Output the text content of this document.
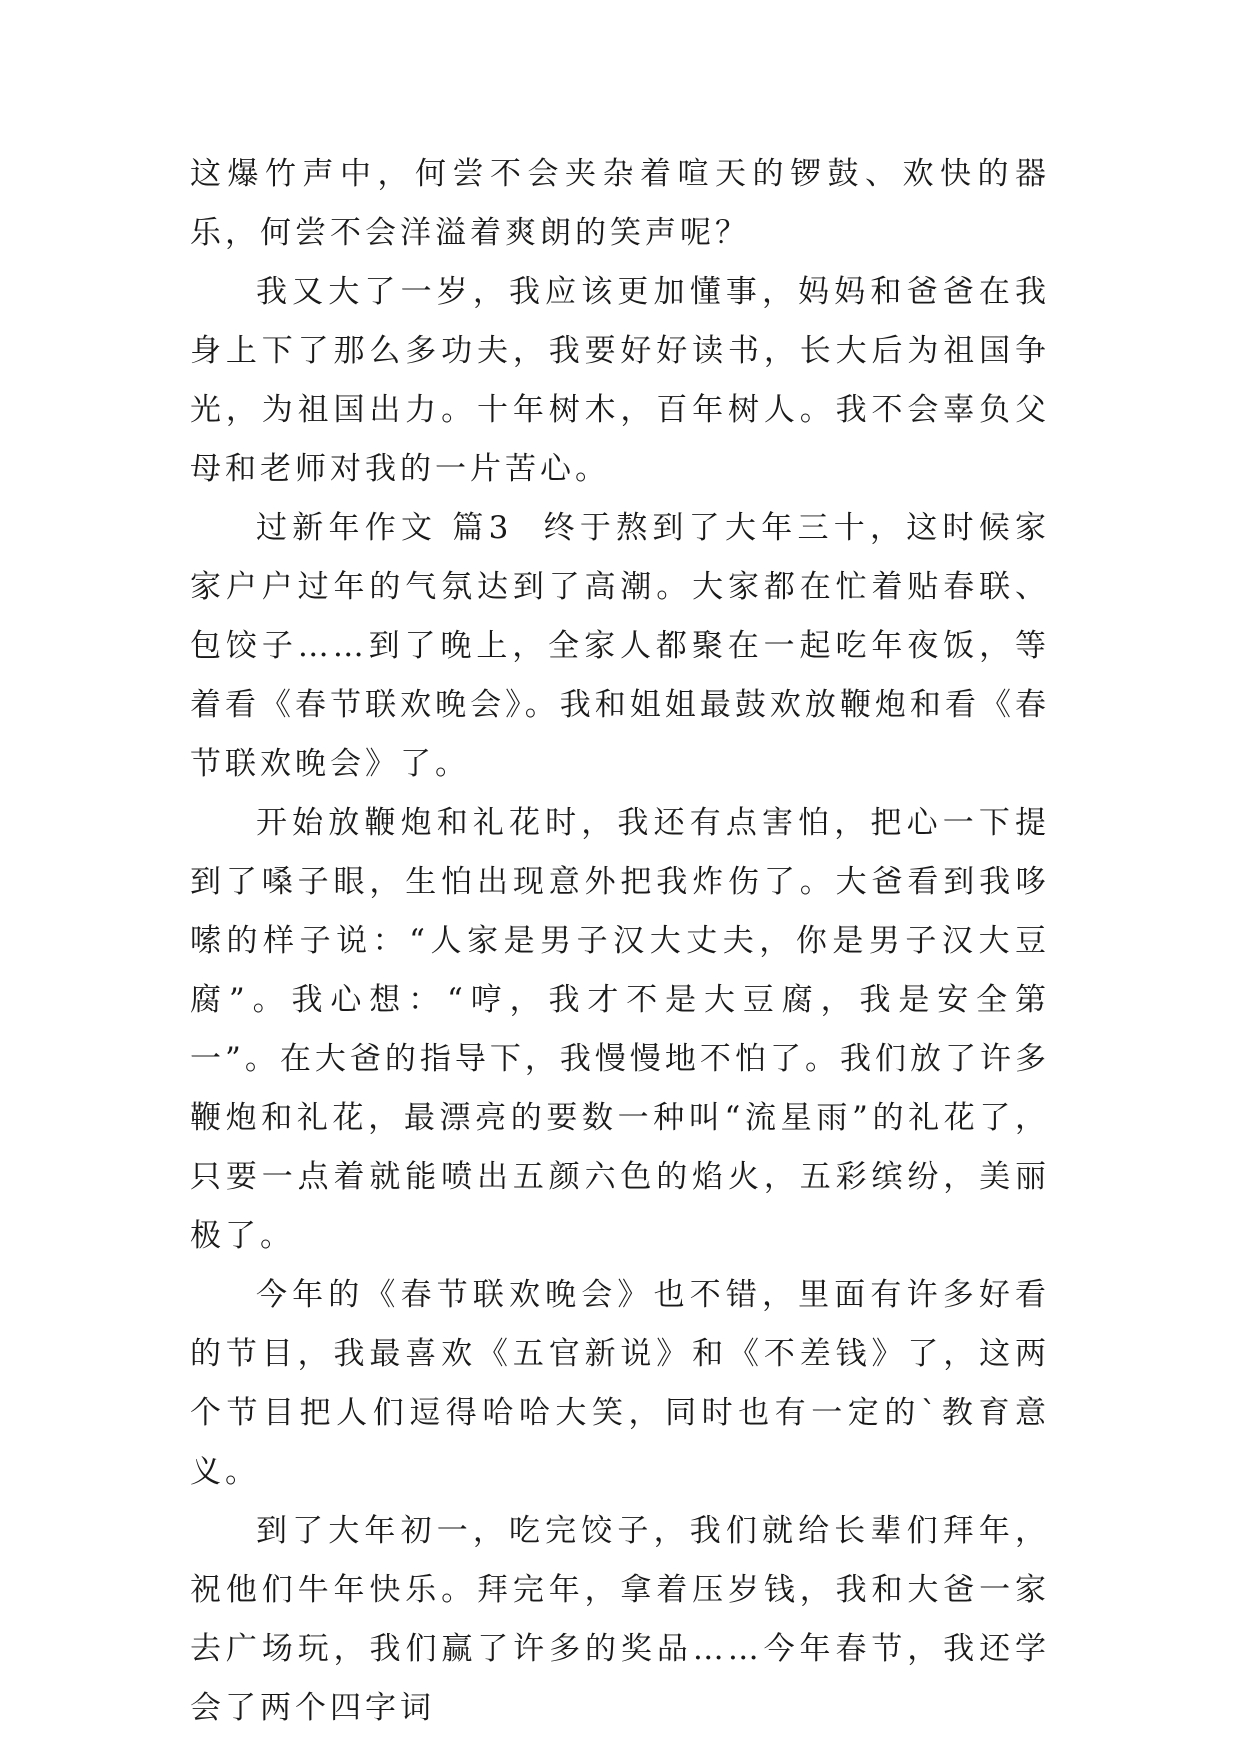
这爆竹声中，何尝不会夹杂着喧天的锣鼓、欢快的器乐，何尝不会洋溢着爽朗的笑声呢？

我又大了一岁，我应该更加懂事，妈妈和爸爸在我身上下了那么多功夫，我要好好读书，长大后为祖国争光，为祖国出力。十年树木，百年树人。我不会辜负父母和老师对我的一片苦心。

过新年作文 篇3 终于熬到了大年三十，这时候家家户户过年的气氛达到了高潮。大家都在忙着贴春联、包饺子……到了晚上，全家人都聚在一起吃年夜饭，等着看《春节联欢晚会》。我和姐姐最鼓欢放鞭炮和看《春节联欢晚会》了。

开始放鞭炮和礼花时，我还有点害怕，把心一下提到了嗓子眼，生怕出现意外把我炸伤了。大爸看到我哆嗦的样子说：“人家是男子汉大丈夫，你是男子汉大豆腐”。我心想：“哼，我才不是大豆腐，我是安全第一”。在大爸的指导下，我慢慢地不怕了。我们放了许多鞭炮和礼花，最漂亮的要数一种叫“流星雨”的礼花了，只要一点着就能喷出五颜六色的焰火，五彩缤纷，美丽极了。

今年的《春节联欢晚会》也不错，里面有许多好看的节目，我最喜欢《五官新说》和《不差钱》了，这两个节目把人们逗得哈哈大笑，同时也有一定的`教育意义。

到了大年初一，吃完饺子，我们就给长辈们拜年，祝他们牛年快乐。拜完年，拿着压岁钱，我和大爸一家去广场玩，我们赢了许多的奖品……今年春节，我还学会了两个四字词
